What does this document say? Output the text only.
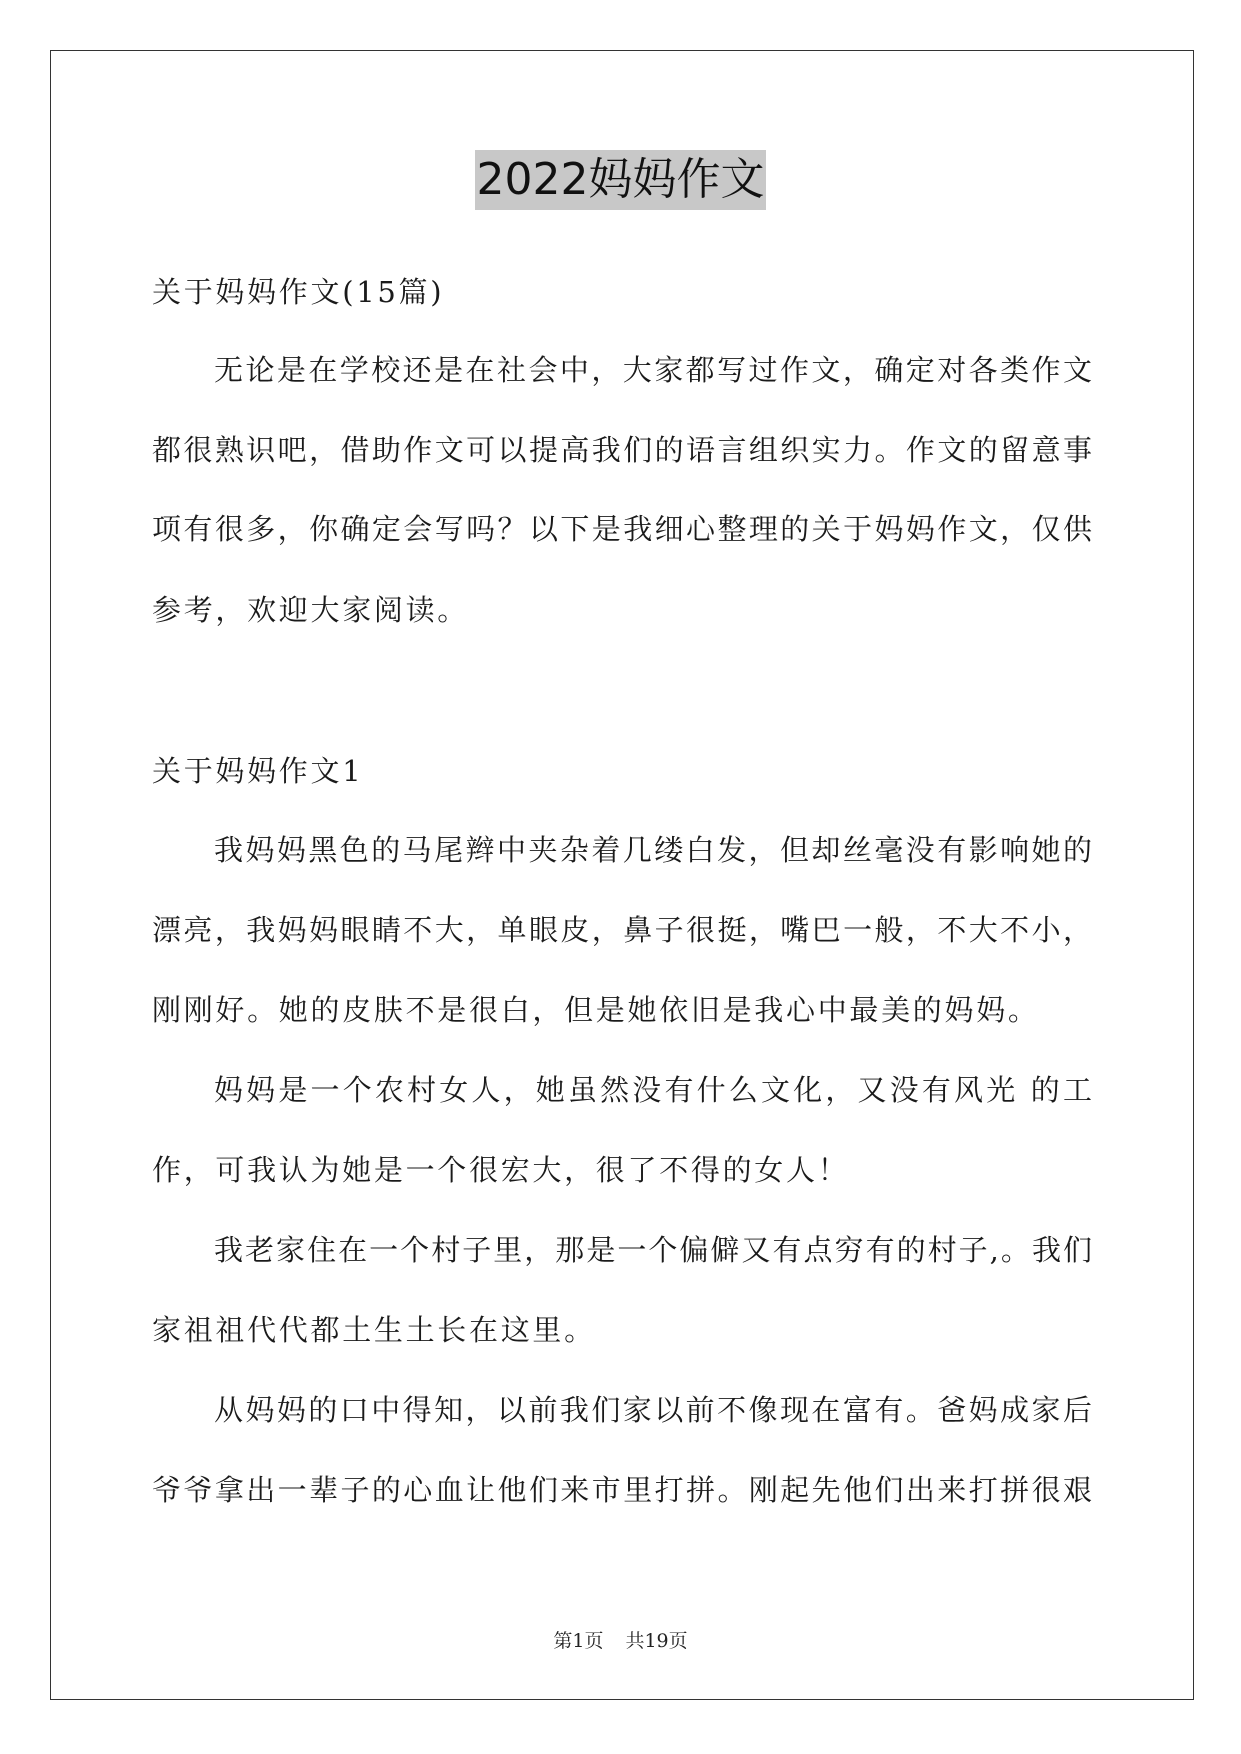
2022妈妈作文
关于妈妈作文(15篇)
无论是在学校还是在社会中，大家都写过作文，确定对各类作文
都很熟识吧，借助作文可以提高我们的语言组织实力。作文的留意事
项有很多，你确定会写吗？以下是我细心整理的关于妈妈作文，仅供
参考，欢迎大家阅读。
关于妈妈作文1
我妈妈黑色的马尾辫中夹杂着几缕白发，但却丝毫没有影响她的
漂亮，我妈妈眼睛不大，单眼皮，鼻子很挺，嘴巴一般，不大不小，
刚刚好。她的皮肤不是很白，但是她依旧是我心中最美的妈妈。
妈妈是一个农村女人，她虽然没有什么文化，又没有风光 的工
作，可我认为她是一个很宏大，很了不得的女人！
我老家住在一个村子里，那是一个偏僻又有点穷有的村子,。我们
家祖祖代代都土生土长在这里。
从妈妈的口中得知，以前我们家以前不像现在富有。爸妈成家后
爷爷拿出一辈子的心血让他们来市里打拼。刚起先他们出来打拼很艰
第1页 共19页
